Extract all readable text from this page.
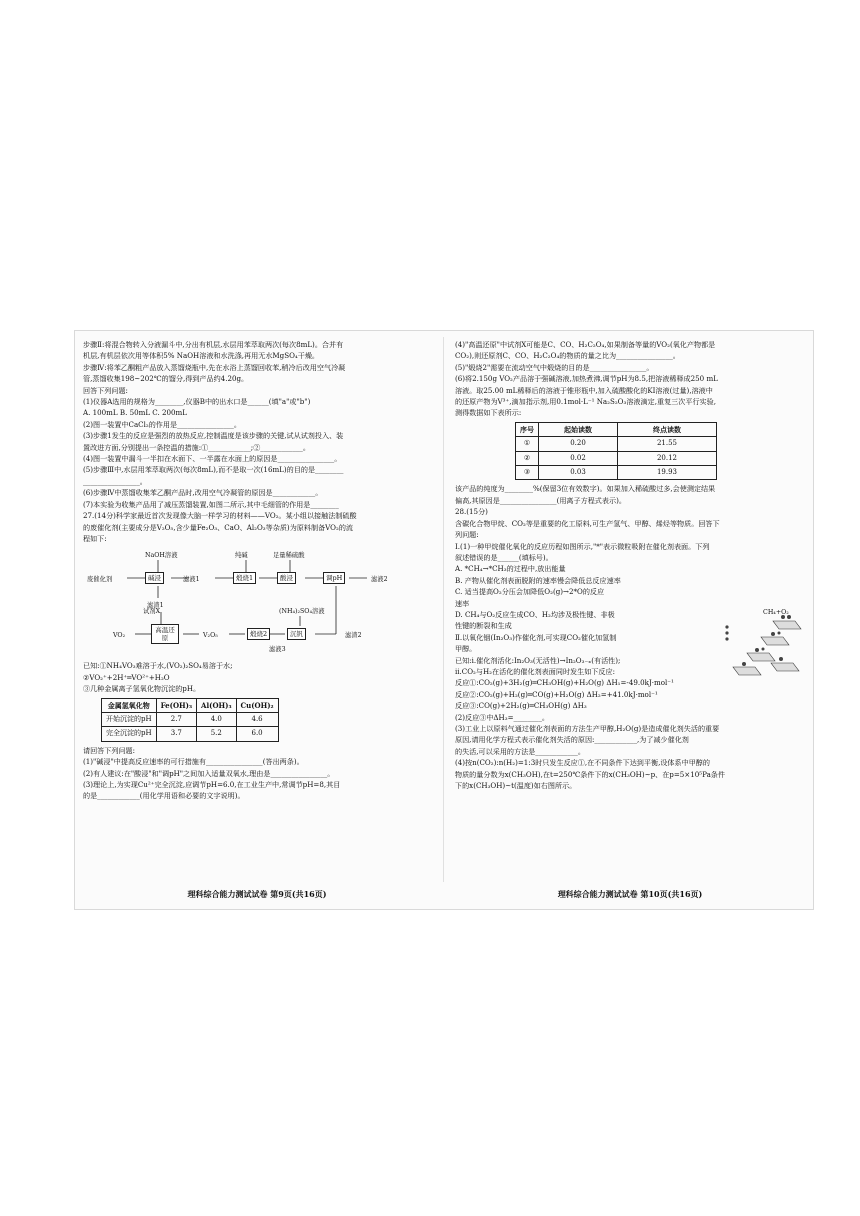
步骤Ⅱ:将混合物转入分液漏斗中,分出有机层,水层用苯萃取两次(每次8mL)。合并有
机层,有机层依次用等体积5% NaOH溶液和水洗涤,再用无水MgSO₄干燥。
步骤Ⅳ:将苯乙酮粗产品放入蒸馏烧瓶中,先在水浴上蒸馏回收苯,稍冷后改用空气冷凝
管,蒸馏收集198~202℃的馏分,得到产品约4.20g。
回答下列问题:
(1)仪器A选用的规格为________,仪器B中的出水口是______(填"a"或"b")
A. 100mL B. 50mL C. 200mL
(2)图一装置中CaCl₂的作用是________________。
(3)步骤1发生的反应是强烈的放热反应,控制温度是该步骤的关键,试从试剂投入、装
置改进方面,分别提出一条控温的措施:①____________;②____________。
(4)图一装置中漏斗一半扣在水面下、一半露在水面上的原因是________________。
(5)步骤Ⅲ中,水层用苯萃取两次(每次8mL),而不是取一次(16mL)的目的是________
________________。
(6)步骤Ⅳ中蒸馏收集苯乙酮产品时,改用空气冷凝管的原因是____________。
(7)本实验为收集产品用了减压蒸馏装置,如图二所示,其中毛细管的作用是________
27.(14分)科学家最近首次发现像大脑一样学习的材料——VO₂。某小组以接触法制硫酸
的废催化剂(主要成分是V₂O₅,含少量Fe₂O₃、CaO、Al₂O₃等杂质)为原料制备VO₂的流
程如下:
NaOH溶液	纯碱	足量稀硫酸
废催化剂	碱浸	滤液1	煅烧1	酸浸	调pH	滤液2
滤渣1
试剂X	(NH₄)₂SO₄溶液
VO₂
高温还原	V₂O₅	煅烧2
滤液3
沉钒	滤渣2
已知:①NH₄VO₃难溶于水,(VO₂)₂SO₄易溶于水;
②VO₂⁺+2H⁺═VO²⁺+H₂O
③几种金属离子氢氧化物沉淀的pH。
金属氢氧化物	Fe(OH)₃	Al(OH)₃	Cu(OH)₂
开始沉淀的pH	2.7	4.0	4.6
完全沉淀的pH	3.7	5.2	6.0
请回答下列问题:
(1)"碱浸"中提高反应速率的可行措施有________________(答出两条)。
(2)有人建议:在"酸浸"和"调pH"之间加入适量双氧水,理由是________________。
(3)理论上,为实现Cu²⁺完全沉淀,应调节pH=6.0,在工业生产中,常调节pH=8,其目
的是____________(用化学用语和必要的文字说明)。
理科综合能力测试试卷 第9页(共16页)
(4)"高温还原"中试剂X可能是C、CO、H₂C₂O₄,如果制备等量的VO₂(氧化产物都是
CO₂),则还原剂C、CO、H₂C₂O₄的物质的量之比为________________。
(5)"煅烧2"需要在流动空气中煅烧的目的是________________。
(6)将2.150g VO₂产品溶于强碱溶液,加热煮沸,调节pH为8.5,把溶液稀释成250 mL
溶液。取25.00 mL稀释后的溶液于锥形瓶中,加入硫酸酸化的KI溶液(过量),溶液中
的还原产物为V³⁺,滴加指示剂,用0.1mol·L⁻¹ Na₂S₂O₃溶液滴定,重复三次平行实验,
测得数据如下表所示:
序号	起始读数	终点读数
①	0.20	21.55
②	0.02	20.12
③	0.03	19.93
该产品的纯度为________%(保留3位有效数字)。如果加入稀硫酸过多,会使测定结果
偏高,其原因是________________(用离子方程式表示)。
28.(15分)
含碳化合物甲烷、CO₂等是重要的化工原料,可生产氢气、甲醇、烯烃等物质。回答下
列问题:
Ⅰ.(1)一种甲烷催化氧化的反应历程如图所示,"*"表示微粒吸附在催化剂表面。下列
叙述错误的是______(填标号)。
A. *CH₄→*CH₃的过程中,放出能量
B. 产物从催化剂表面脱附的速率慢会降低总反应速率
C. 适当提高O₂分压会加降低O₂(g)→2*O的反应
速率
D. CH₄与O₂反应生成CO、H₂均涉及极性键、非极
性键的断裂和生成
Ⅱ.以氧化铟(In₂O₃)作催化剂,可实现CO₂催化加氢制
甲醇。
已知:ⅰ.催化剂活化:In₂O₃(无活性)→In₂O₃₋ₓ(有活性);
ⅱ.CO₂与H₂在活化的催化剂表面同时发生如下反应:
反应①:CO₂(g)+3H₂(g)═CH₃OH(g)+H₂O(g) ΔH₁=-49.0kJ·mol⁻¹
反应②:CO₂(g)+H₂(g)═CO(g)+H₂O(g) ΔH₂=+41.0kJ·mol⁻¹
反应③:CO(g)+2H₂(g)═CH₃OH(g) ΔH₃
(2)反应③中ΔH₃=________。
(3)工业上以原料气通过催化剂表面的方法生产甲醇,H₂O(g)是造成催化剂失活的重要
原因,请用化学方程式表示催化剂失活的原因:____________,为了减少催化剂
的失活,可以采用的方法是____________。
(4)按n(CO₂):n(H₂)=1:3时只发生反应①,在不同条件下达到平衡,设体系中甲醇的
物质的量分数为x(CH₃OH),在t=250℃条件下的x(CH₃OH)~p、在p=5×10⁵Pa条件
下的x(CH₃OH)~t(温度)如右图所示。
CH₄+O₂
理科综合能力测试试卷 第10页(共16页)
